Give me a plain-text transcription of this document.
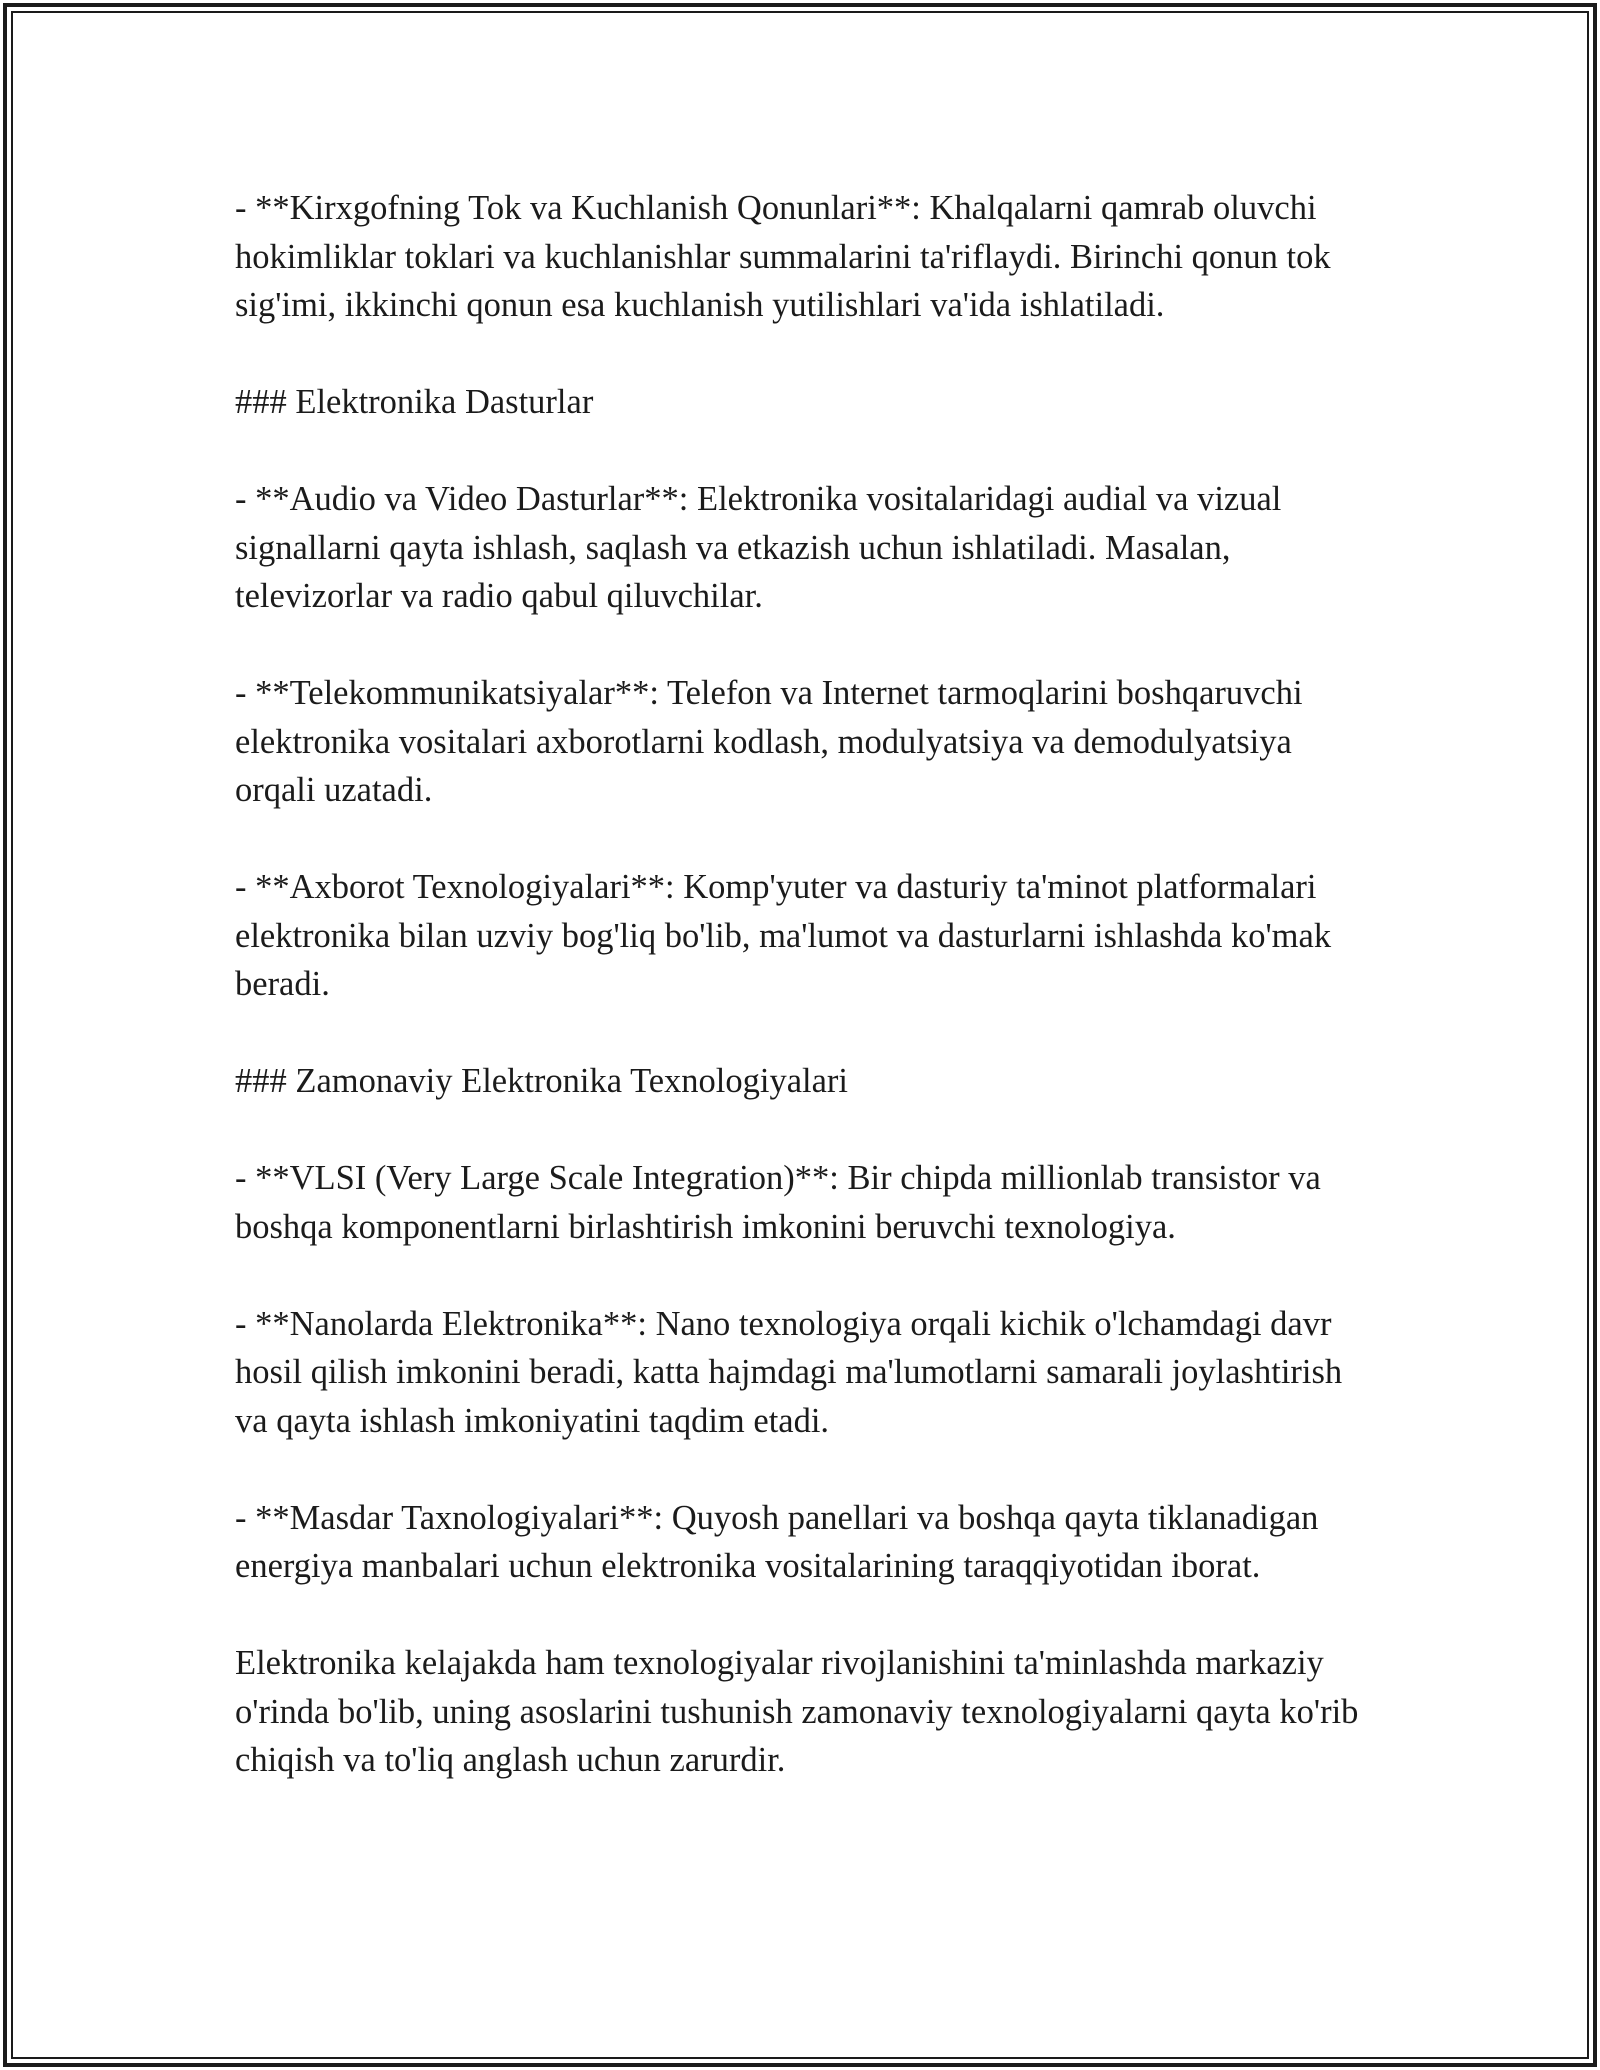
- **Kirxgofning Tok va Kuchlanish Qonunlari**: Khalqalarni qamrab oluvchi hokimliklar toklari va kuchlanishlar summalarini ta'riflaydi. Birinchi qonun tok sig'imi, ikkinchi qonun esa kuchlanish yutilishlari va'ida ishlatiladi.

### Elektronika Dasturlar

- **Audio va Video Dasturlar**: Elektronika vositalaridagi audial va vizual signallarni qayta ishlash, saqlash va etkazish uchun ishlatiladi. Masalan, televizorlar va radio qabul qiluvchilar.

- **Telekommunikatsiyalar**: Telefon va Internet tarmoqlarini boshqaruvchi elektronika vositalari axborotlarni kodlash, modulyatsiya va demodulyatsiya orqali uzatadi.

- **Axborot Texnologiyalari**: Komp'yuter va dasturiy ta'minot platformalari elektronika bilan uzviy bog'liq bo'lib, ma'lumot va dasturlarni ishlashda ko'mak beradi.

### Zamonaviy Elektronika Texnologiyalari

- **VLSI (Very Large Scale Integration)**: Bir chipda millionlab transistor va boshqa komponentlarni birlashtirish imkonini beruvchi texnologiya.

- **Nanolarda Elektronika**: Nano texnologiya orqali kichik o'lchamdagi davr hosil qilish imkonini beradi, katta hajmdagi ma'lumotlarni samarali joylashtirish va qayta ishlash imkoniyatini taqdim etadi.

- **Masdar Taxnologiyalari**: Quyosh panellari va boshqa qayta tiklanadigan energiya manbalari uchun elektronika vositalarining taraqqiyotidan iborat.

Elektronika kelajakda ham texnologiyalar rivojlanishini ta'minlashda markaziy o'rinda bo'lib, uning asoslarini tushunish zamonaviy texnologiyalarni qayta ko'rib chiqish va to'liq anglash uchun zarurdir.
